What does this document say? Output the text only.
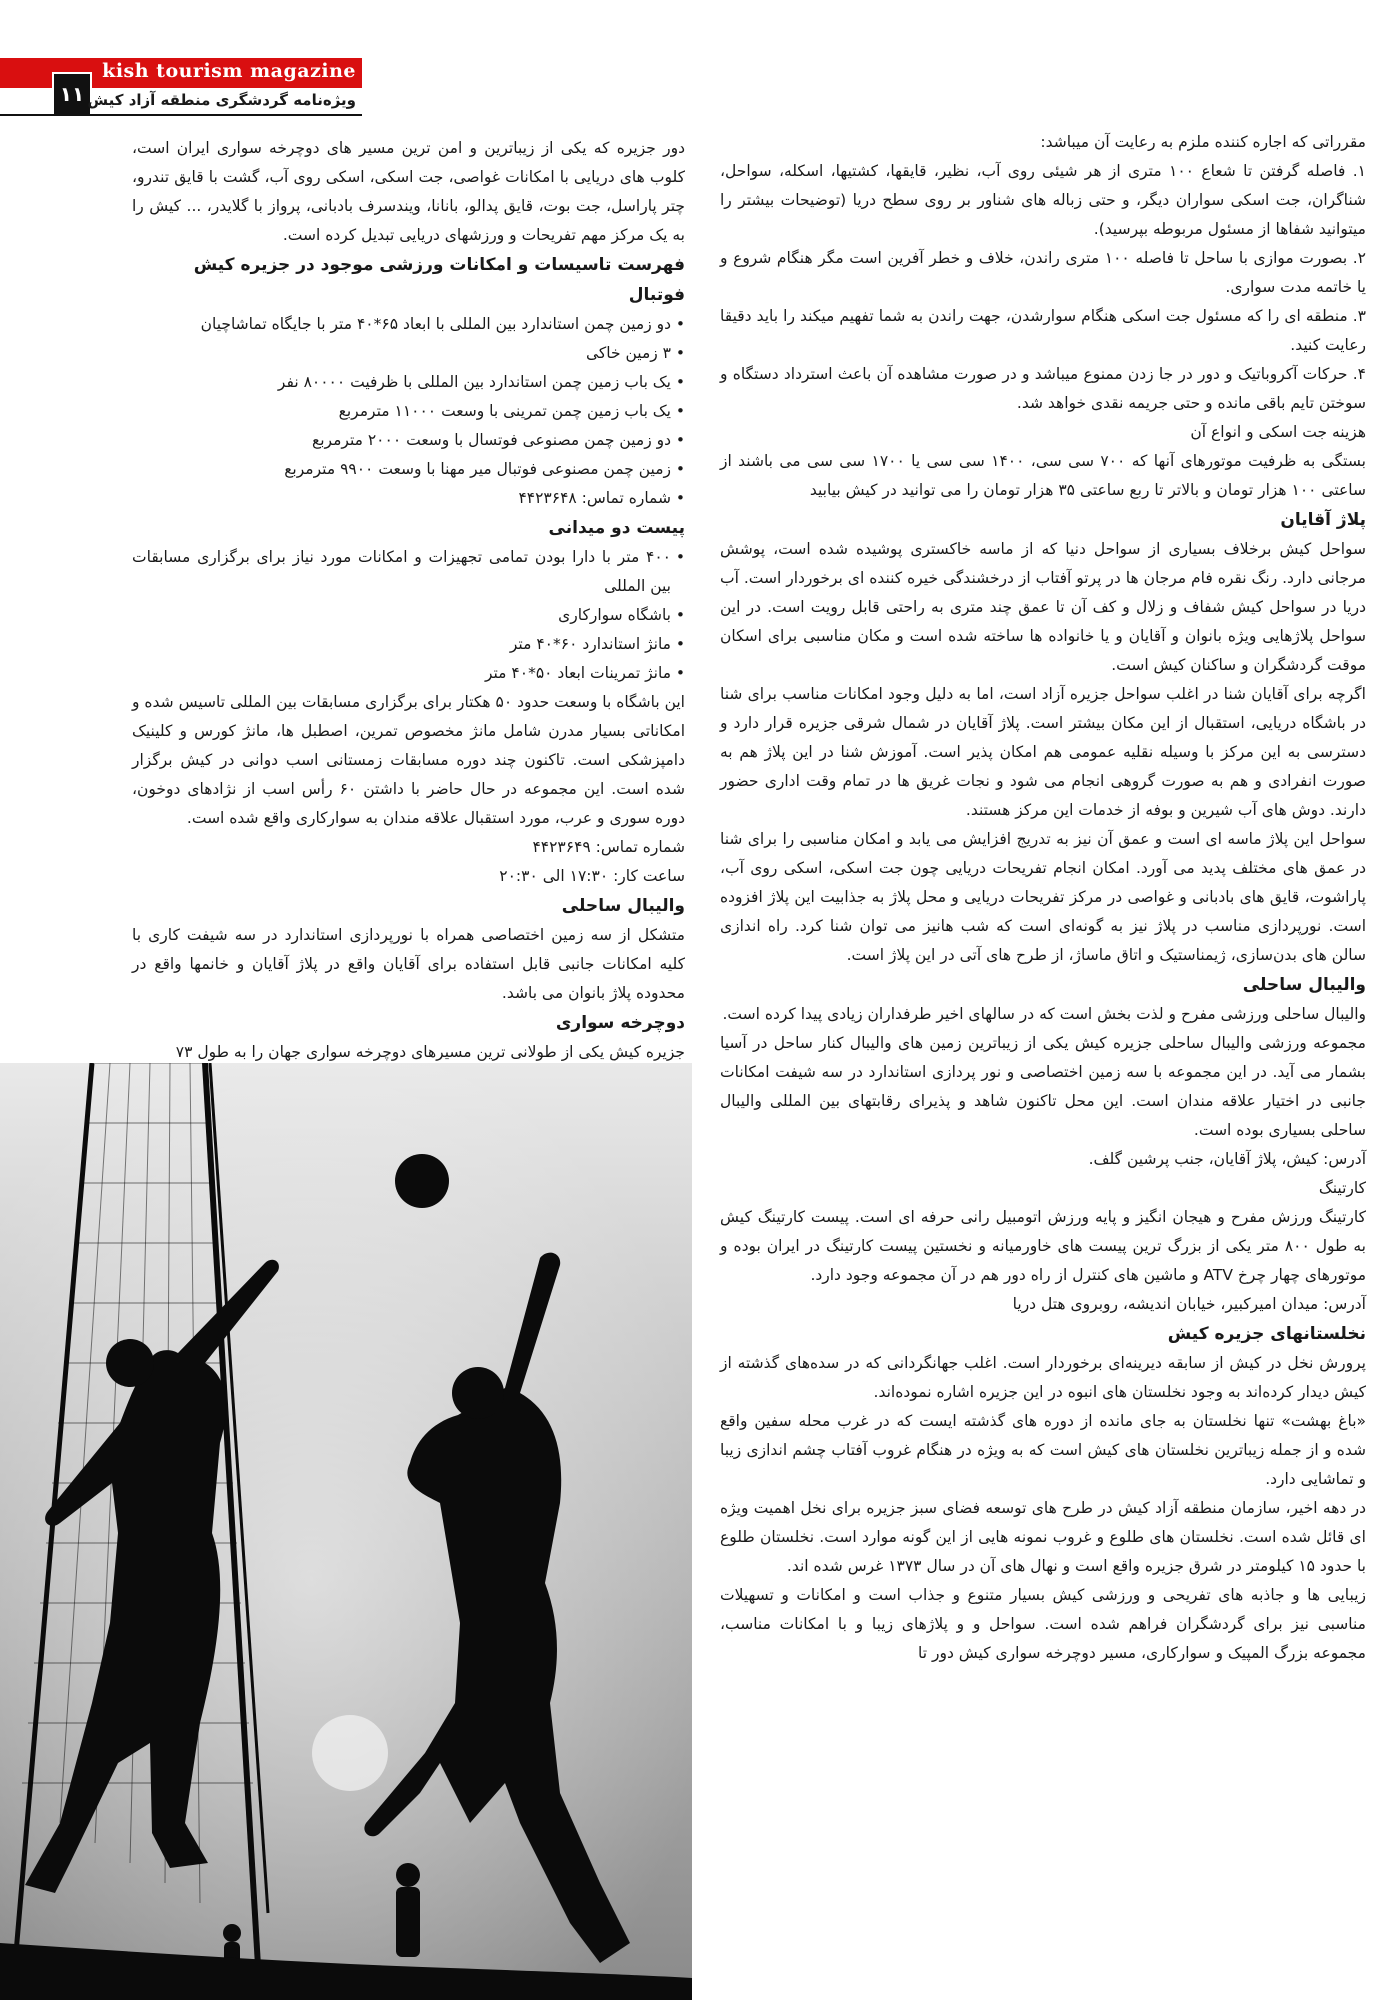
kish tourism magazine
۱۱ ویژه‌نامه گردشگری منطقه آزاد کیش

مقرراتی که اجاره کننده ملزم به رعایت آن میباشد:

۱. فاصله گرفتن تا شعاع ۱۰۰ متری از هر شیئی روی آب، نظیر، قایقها، کشتیها، اسکله، سواحل، شناگران، جت اسکی سواران دیگر، و حتی زباله های شناور بر روی سطح دریا (توضیحات بیشتر را میتوانید شفاها از مسئول مربوطه بپرسید).

۲. بصورت موازی با ساحل تا فاصله ۱۰۰ متری راندن، خلاف و خطر آفرین است مگر هنگام شروع و یا خاتمه مدت سواری.

۳. منطقه ای را که مسئول جت اسکی هنگام سوارشدن، جهت راندن به شما تفهیم میکند را باید دقیقا رعایت کنید.

۴. حرکات آکروباتیک و دور در جا زدن ممنوع میباشد و در صورت مشاهده آن باعث استرداد دستگاه و سوختن تایم باقی مانده و حتی جریمه نقدی خواهد شد.

هزینه جت اسکی و انواع آن

بستگی به ظرفیت موتورهای آنها که ۷۰۰ سی سی، ۱۴۰۰ سی سی یا ۱۷۰۰ سی سی می باشند از ساعتی ۱۰۰ هزار تومان و بالاتر تا ربع ساعتی ۳۵ هزار تومان را می توانید در کیش بیابید

پلاژ آقایان

سواحل کیش برخلاف بسیاری از سواحل دنیا که از ماسه خاکستری پوشیده شده است، پوشش مرجانی دارد. رنگ نقره فام مرجان ها در پرتو آفتاب از درخشندگی خیره کننده ای برخوردار است. آب دریا در سواحل کیش شفاف و زلال و کف آن تا عمق چند متری به راحتی قابل رویت است. در این سواحل پلاژهایی ویژه بانوان و آقایان و یا خانواده ها ساخته شده است و مکان مناسبی برای اسکان موقت گردشگران و ساکنان کیش است.

اگرچه برای آقایان شنا در اغلب سواحل جزیره آزاد است، اما به دلیل وجود امکانات مناسب برای شنا در باشگاه دریایی، استقبال از این مکان بیشتر است. پلاژ آقایان در شمال شرقی جزیره قرار دارد و دسترسی به این مرکز با وسیله نقلیه عمومی هم امکان پذیر است. آموزش شنا در این پلاژ هم به صورت انفرادی و هم به صورت گروهی انجام می شود و نجات غریق ها در تمام وقت اداری حضور دارند. دوش های آب شیرین و بوفه از خدمات این مرکز هستند.

سواحل این پلاژ ماسه ای است و عمق آن نیز به تدریج افزایش می یابد و امکان مناسبی را برای شنا در عمق های مختلف پدید می آورد. امکان انجام تفریحات دریایی چون جت اسکی، اسکی روی آب، پاراشوت، قایق های بادبانی و غواصی در مرکز تفریحات دریایی و محل پلاژ به جذابیت این پلاژ افزوده است. نورپردازی مناسب در پلاژ نیز به گونه‌ای است که شب هانیز می توان شنا کرد. راه اندازی سالن های بدن‌سازی، ژیمناستیک و اتاق ماساژ، از طرح های آتی در این پلاژ است.

والیبال ساحلی

والیبال ساحلی ورزشی مفرح و لذت بخش است که در سالهای اخیر طرفداران زیادی پیدا کرده است.

مجموعه ورزشی والیبال ساحلی جزیره کیش یکی از زیباترین زمین های والیبال کنار ساحل در آسیا بشمار می آید. در این مجموعه با سه زمین اختصاصی و نور پردازی استاندارد در سه شیفت امکانات جانبی در اختیار علاقه مندان است. این محل تاکنون شاهد و پذیرای رقابتهای بین المللی والیبال ساحلی بسیاری بوده است.

آدرس: کیش، پلاژ آقایان، جنب پرشین گلف.

کارتینگ

کارتینگ ورزش مفرح و هیجان انگیز و پایه ورزش اتومبیل رانی حرفه ای است. پیست کارتینگ کیش به طول ۸۰۰ متر یکی از بزرگ ترین پیست های خاورمیانه و نخستین پیست کارتینگ در ایران بوده و موتورهای چهار چرخ ATV و ماشین های کنترل از راه دور هم در آن مجموعه وجود دارد.

آدرس: میدان امیرکبیر، خیابان اندیشه، روبروی هتل دریا

نخلستانهای جزیره کیش

پرورش نخل در کیش از سابقه دیرینه‌ای برخوردار است. اغلب جهانگردانی که در سده‌های گذشته از کیش دیدار کرده‌اند به وجود نخلستان های انبوه در این جزیره اشاره نموده‌اند.

«باغ بهشت» تنها نخلستان به جای مانده از دوره های گذشته ایست که در غرب محله سفین واقع شده و از جمله زیباترین نخلستان های کیش است که به ویژه در هنگام غروب آفتاب چشم اندازی زیبا و تماشایی دارد.

در دهه اخیر، سازمان منطقه آزاد کیش در طرح های توسعه فضای سبز جزیره برای نخل اهمیت ویژه ای قائل شده است. نخلستان های طلوع و غروب نمونه هایی از این گونه موارد است. نخلستان طلوع با حدود ۱۵ کیلومتر در شرق جزیره واقع است و نهال های آن در سال ۱۳۷۳ غرس شده اند.

زیبایی ها و جاذبه های تفریحی و ورزشی کیش بسیار متنوع و جذاب است و امکانات و تسهیلات مناسبی نیز برای گردشگران فراهم شده است. سواحل و و پلاژهای زیبا و با امکانات مناسب، مجموعه بزرگ المپیک و سوارکاری، مسیر دوچرخه سواری کیش دور تا

دور جزیره که یکی از زیباترین و امن ترین مسیر های دوچرخه سواری ایران است، کلوب های دریایی با امکانات غواصی، جت اسکی، اسکی روی آب، گشت با قایق تندرو، چتر پاراسل، جت بوت، قایق پدالو، بانانا، ویندسرف بادبانی، پرواز با گلایدر، ... کیش را به یک مرکز مهم تفریحات و ورزشهای دریایی تبدیل کرده است.

فهرست تاسیسات و امکانات ورزشی موجود در جزیره کیش
فوتبال
• دو زمین چمن استاندارد بین المللی با ابعاد ۶۵*۴۰ متر با جایگاه تماشاچیان
• ۳ زمین خاکی
• یک باب زمین چمن استاندارد بین المللی با ظرفیت ۸۰۰۰۰ نفر
• یک باب زمین چمن تمرینی با وسعت ۱۱۰۰۰ مترمربع
• دو زمین چمن مصنوعی فوتسال با وسعت ۲۰۰۰ مترمربع
• زمین چمن مصنوعی فوتبال میر مهنا با وسعت ۹۹۰۰ مترمربع
• شماره تماس: ۴۴۲۳۶۴۸
پیست دو میدانی
• ۴۰۰ متر با دارا بودن تمامی تجهیزات و امکانات مورد نیاز برای برگزاری مسابقات بین المللی
• باشگاه سوارکاری
• مانژ استاندارد ۶۰*۴۰ متر
• مانژ تمرینات ابعاد ۵۰*۴۰ متر

این باشگاه با وسعت حدود ۵۰ هکتار برای برگزاری مسابقات بین المللی تاسیس شده و امکاناتی بسیار مدرن شامل مانژ مخصوص تمرین، اصطبل ها، مانژ کورس و کلینیک دامپزشکی است. تاکنون چند دوره مسابقات زمستانی اسب دوانی در کیش برگزار شده است. این مجموعه در حال حاضر با داشتن ۶۰ رأس اسب از نژادهای دوخون، دوره سوری و عرب، مورد استقبال علاقه مندان به سوارکاری واقع شده است.

شماره تماس: ۴۴۲۳۶۴۹

ساعت کار: ۱۷:۳۰ الی ۲۰:۳۰

والیبال ساحلی

متشکل از سه زمین اختصاصی همراه با نورپردازی استاندارد در سه شیفت کاری با کلیه امکانات جانبی قابل استفاده برای آقایان واقع در پلاژ آقایان و خانمها واقع در محدوده پلاژ بانوان می باشد.

دوچرخه سواری

جزیره کیش یکی از طولانی ترین مسیرهای دوچرخه سواری جهان را به طول ۷۳
